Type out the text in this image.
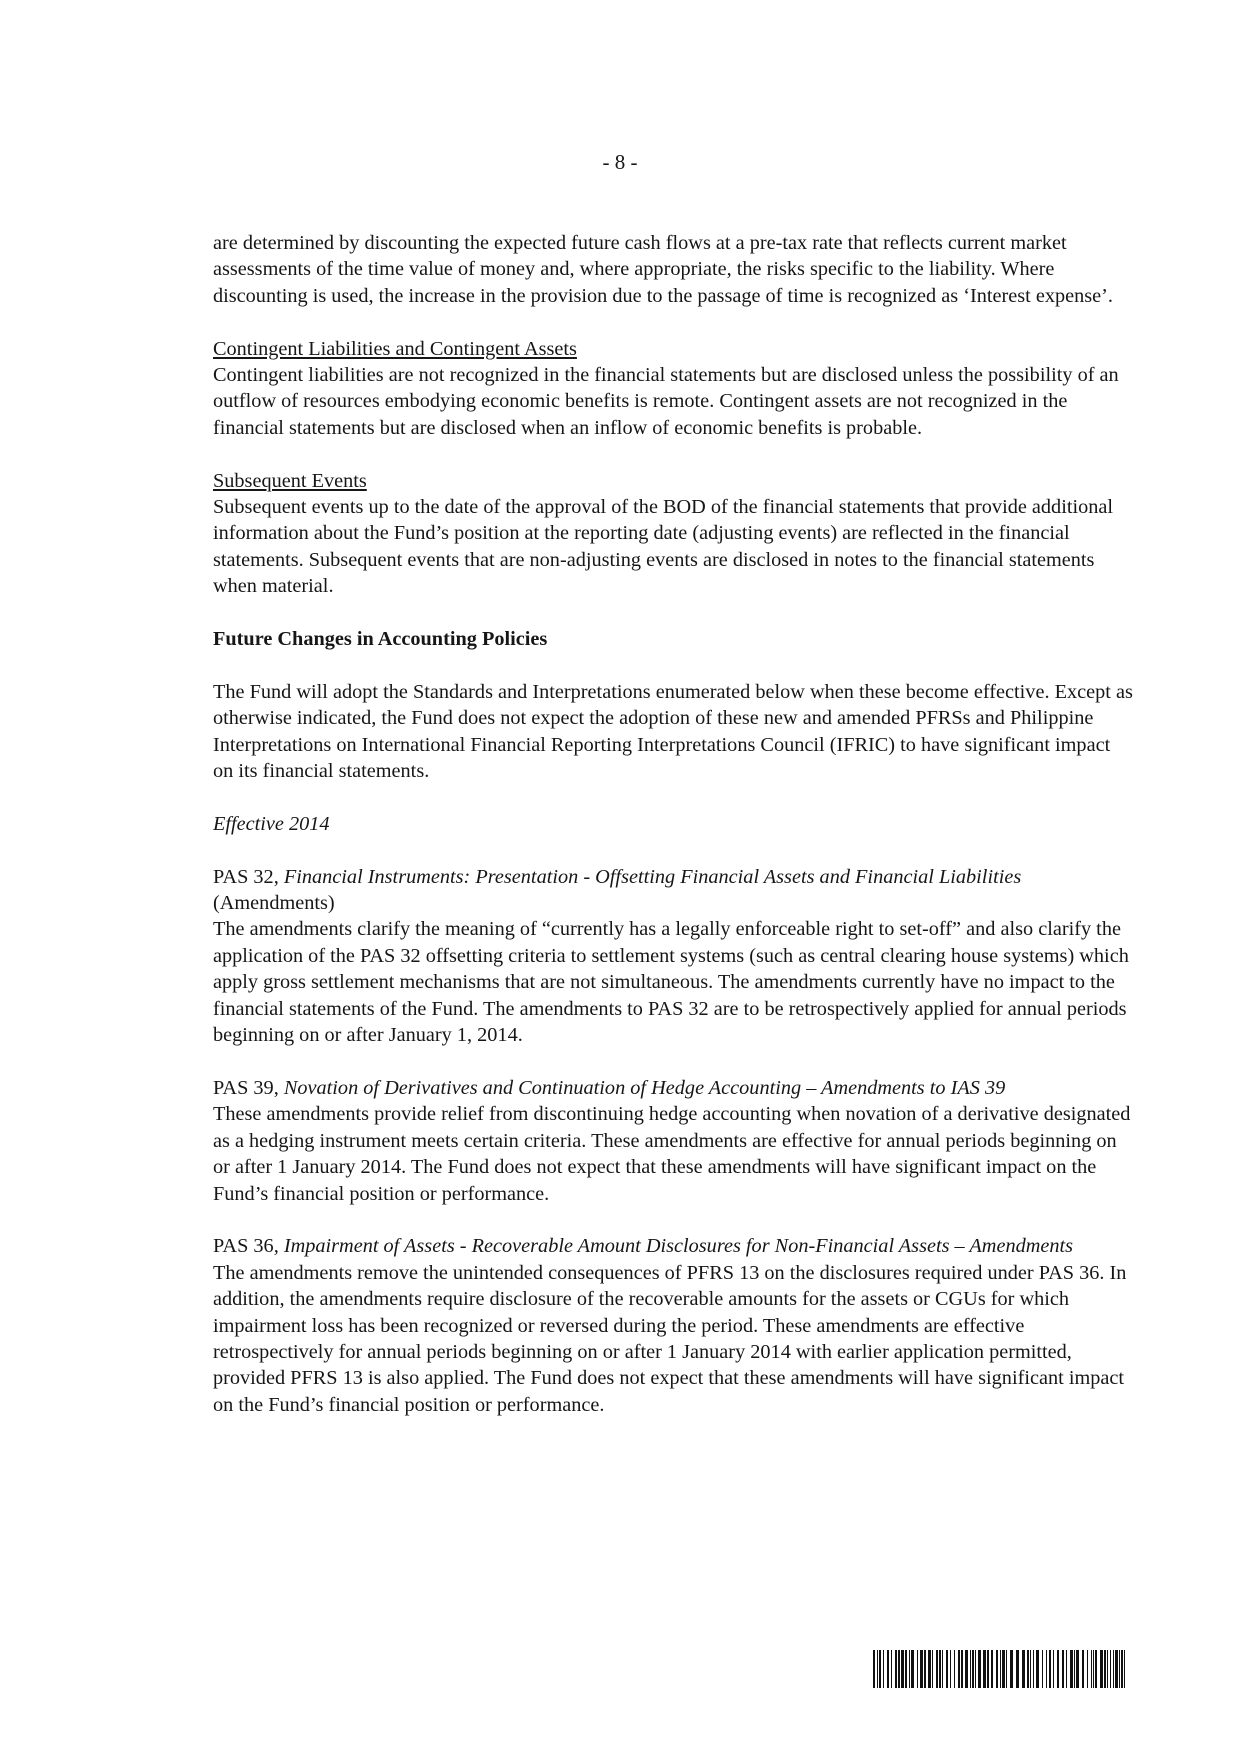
- 8 -

are determined by discounting the expected future cash flows at a pre-tax rate that reflects current market assessments of the time value of money and, where appropriate, the risks specific to the liability. Where discounting is used, the increase in the provision due to the passage of time is recognized as ‘Interest expense’.

Contingent Liabilities and Contingent Assets

Contingent liabilities are not recognized in the financial statements but are disclosed unless the possibility of an outflow of resources embodying economic benefits is remote. Contingent assets are not recognized in the financial statements but are disclosed when an inflow of economic benefits is probable.

Subsequent Events

Subsequent events up to the date of the approval of the BOD of the financial statements that provide additional information about the Fund’s position at the reporting date (adjusting events) are reflected in the financial statements. Subsequent events that are non-adjusting events are disclosed in notes to the financial statements when material.

Future Changes in Accounting Policies

The Fund will adopt the Standards and Interpretations enumerated below when these become effective. Except as otherwise indicated, the Fund does not expect the adoption of these new and amended PFRSs and Philippine Interpretations on International Financial Reporting Interpretations Council (IFRIC) to have significant impact on its financial statements.

Effective 2014

PAS 32, Financial Instruments: Presentation - Offsetting Financial Assets and Financial Liabilities (Amendments)

The amendments clarify the meaning of “currently has a legally enforceable right to set-off” and also clarify the application of the PAS 32 offsetting criteria to settlement systems (such as central clearing house systems) which apply gross settlement mechanisms that are not simultaneous. The amendments currently have no impact to the financial statements of the Fund. The amendments to PAS 32 are to be retrospectively applied for annual periods beginning on or after January 1, 2014.

PAS 39, Novation of Derivatives and Continuation of Hedge Accounting – Amendments to IAS 39

These amendments provide relief from discontinuing hedge accounting when novation of a derivative designated as a hedging instrument meets certain criteria. These amendments are effective for annual periods beginning on or after 1 January 2014. The Fund does not expect that these amendments will have significant impact on the Fund’s financial position or performance.

PAS 36, Impairment of Assets - Recoverable Amount Disclosures for Non-Financial Assets – Amendments

The amendments remove the unintended consequences of PFRS 13 on the disclosures required under PAS 36. In addition, the amendments require disclosure of the recoverable amounts for the assets or CGUs for which impairment loss has been recognized or reversed during the period. These amendments are effective retrospectively for annual periods beginning on or after 1 January 2014 with earlier application permitted, provided PFRS 13 is also applied. The Fund does not expect that these amendments will have significant impact on the Fund’s financial position or performance.
